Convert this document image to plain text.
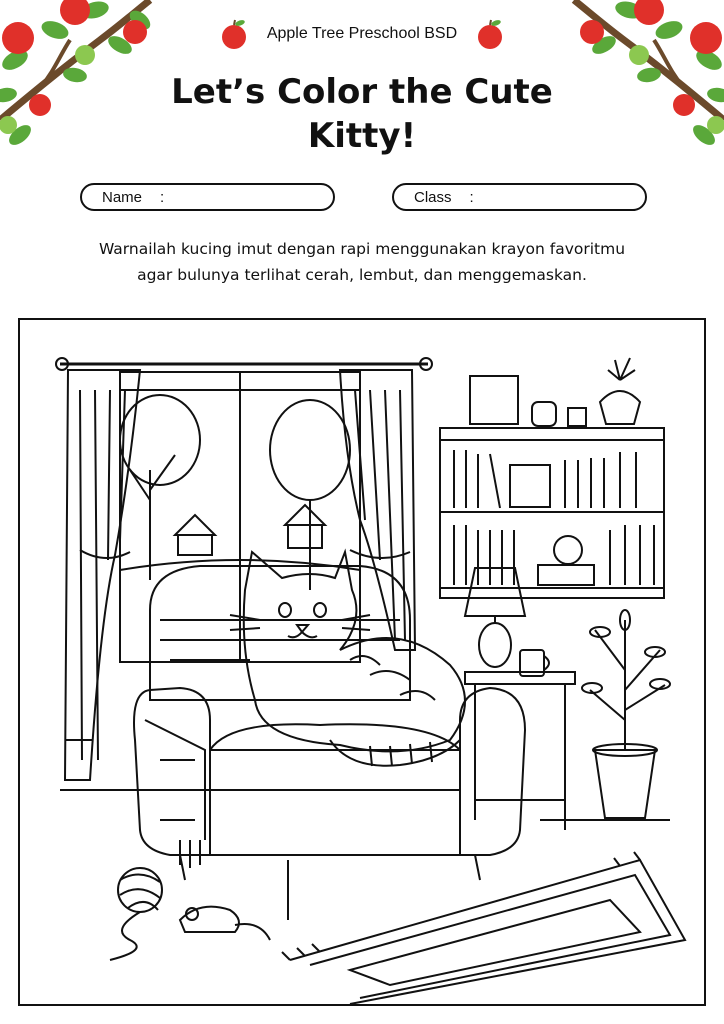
Apple Tree Preschool BSD
Let’s Color the Cute
Kitty!
Name :	Class :
Warnailah kucing imut dengan rapi menggunakan krayon favoritmu
agar bulunya terlihat cerah, lembut, dan menggemaskan.
